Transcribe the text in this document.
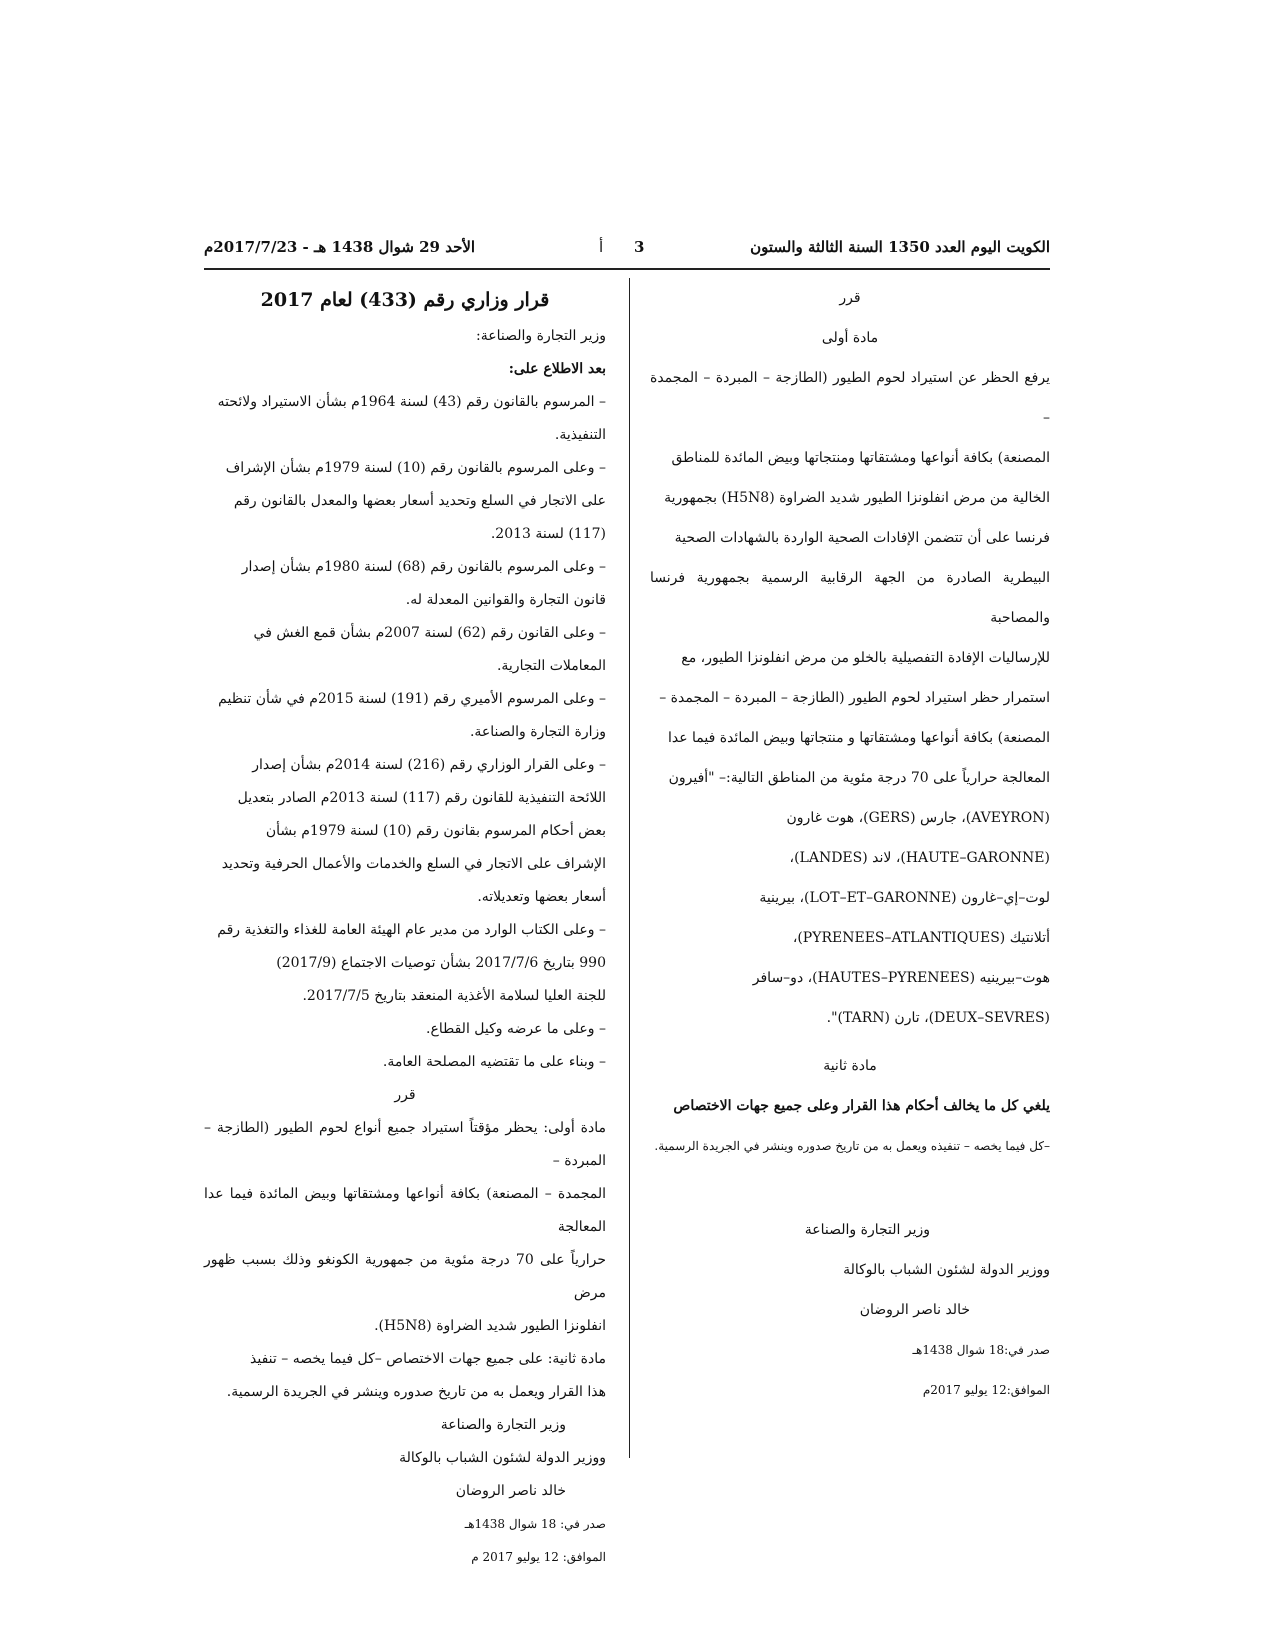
الكويت اليوم العدد 1350 السنة الثالثة والستون
3
أ
الأحد 29 شوال 1438 هـ - 2017/7/23م

قرر

مادة أولى

يرفع الحظر عن استيراد لحوم الطيور (الطازجة – المبردة – المجمدة –

المصنعة) بكافة أنواعها ومشتقاتها ومنتجاتها وبيض المائدة للمناطق

الخالية من مرض انفلونزا الطيور شديد الضراوة (H5N8) بجمهورية

فرنسا على أن تتضمن الإفادات الصحية الواردة بالشهادات الصحية

البيطرية الصادرة من الجهة الرقابية الرسمية بجمهورية فرنسا والمصاحبة

للإرساليات الإفادة التفصيلية بالخلو من مرض انفلونزا الطيور، مع

استمرار حظر استيراد لحوم الطيور (الطازجة – المبردة – المجمدة –

المصنعة) بكافة أنواعها ومشتقاتها و منتجاتها وبيض المائدة فيما عدا

المعالجة حرارياً على 70 درجة مئوية من المناطق التالية:– "أفيرون

(AVEYRON)، جارس (GERS)، هوت غارون

(HAUTE–GARONNE)، لاند (LANDES)،

لوت–إي–غارون (LOT–ET–GARONNE)، بيرينية

أتلانتيك (PYRENEES–ATLANTIQUES)،

هوت–بيرينيه (HAUTES–PYRENEES)، دو–سافر

(DEUX–SEVRES)، تارن (TARN)".

مادة ثانية

يلغي كل ما يخالف أحكام هذا القرار وعلى جميع جهات الاختصاص

–كل فيما يخصه – تنفيذه ويعمل به من تاريخ صدوره وينشر في الجريدة الرسمية.

وزير التجارة والصناعة

ووزير الدولة لشئون الشباب بالوكالة

خالد ناصر الروضان

صدر في:18 شوال 1438هـ

الموافق:12 يوليو 2017م

قرار وزاري رقم (433) لعام 2017

وزير التجارة والصناعة:

بعد الاطلاع على:

– المرسوم بالقانون رقم (43) لسنة 1964م بشأن الاستيراد ولائحته

التنفيذية.

– وعلى المرسوم بالقانون رقم (10) لسنة 1979م بشأن الإشراف

على الاتجار في السلع وتحديد أسعار بعضها والمعدل بالقانون رقم

(117) لسنة 2013.

– وعلى المرسوم بالقانون رقم (68) لسنة 1980م بشأن إصدار

قانون التجارة والقوانين المعدلة له.

– وعلى القانون رقم (62) لسنة 2007م بشأن قمع الغش في

المعاملات التجارية.

– وعلى المرسوم الأميري رقم (191) لسنة 2015م في شأن تنظيم

وزارة التجارة والصناعة.

– وعلى القرار الوزاري رقم (216) لسنة 2014م بشأن إصدار

اللائحة التنفيذية للقانون رقم (117) لسنة 2013م الصادر بتعديل

بعض أحكام المرسوم بقانون رقم (10) لسنة 1979م بشأن

الإشراف على الاتجار في السلع والخدمات والأعمال الحرفية وتحديد

أسعار بعضها وتعديلاته.

– وعلى الكتاب الوارد من مدير عام الهيئة العامة للغذاء والتغذية رقم

990 بتاريخ 2017/7/6 بشأن توصيات الاجتماع (2017/9)

للجنة العليا لسلامة الأغذية المنعقد بتاريخ 2017/7/5.

– وعلى ما عرضه وكيل القطاع.

– وبناء على ما تقتضيه المصلحة العامة.

قرر

مادة أولى: يحظر مؤقتاً استيراد جميع أنواع لحوم الطيور (الطازجة – المبردة –

المجمدة – المصنعة) بكافة أنواعها ومشتقاتها وبيض المائدة فيما عدا المعالجة

حرارياً على 70 درجة مئوية من جمهورية الكونغو وذلك بسبب ظهور مرض

انفلونزا الطيور شديد الضراوة (H5N8).

مادة ثانية: على جميع جهات الاختصاص –كل فيما يخصه – تنفيذ

هذا القرار ويعمل به من تاريخ صدوره وينشر في الجريدة الرسمية.

وزير التجارة والصناعة

ووزير الدولة لشئون الشباب بالوكالة

خالد ناصر الروضان

صدر في: 18 شوال 1438هـ

الموافق: 12 يوليو 2017 م
